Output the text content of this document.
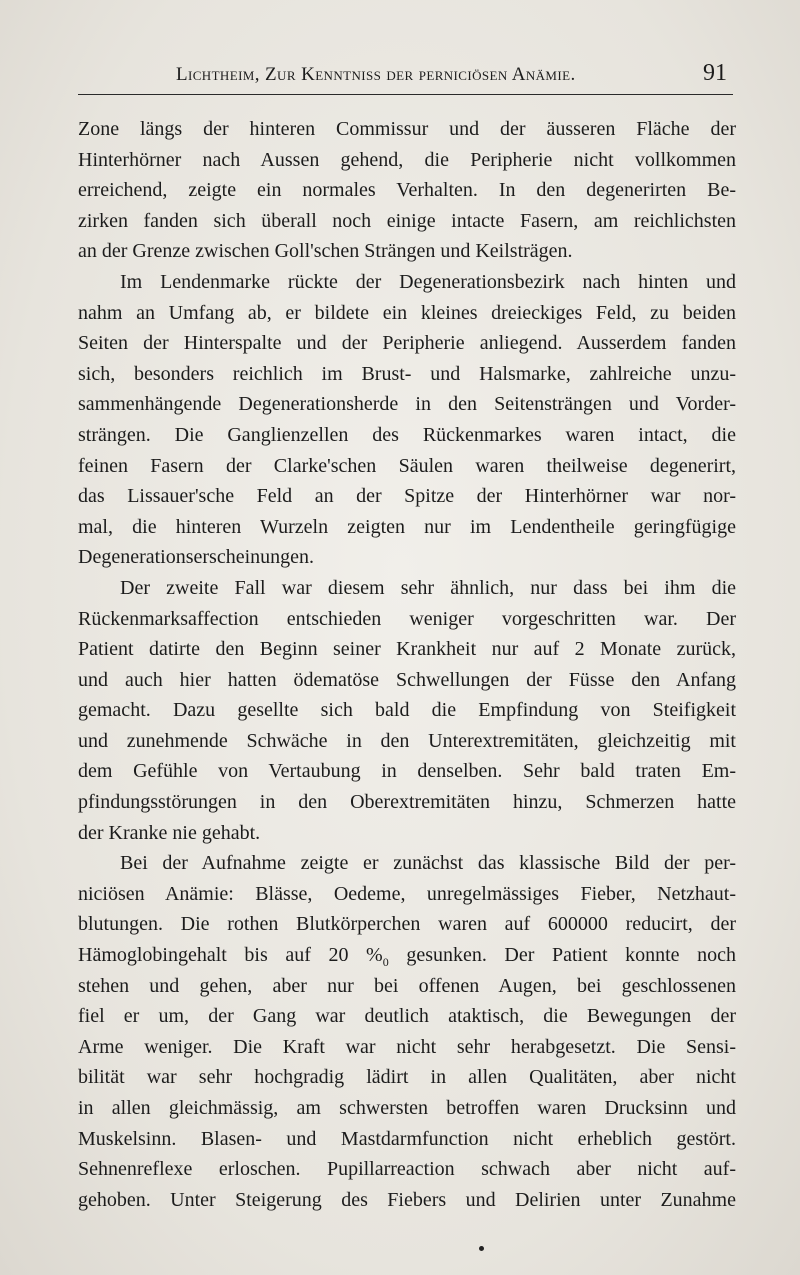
Lichtheim, Zur Kenntniss der perniciösen Anämie.	91
Zone längs der hinteren Commissur und der äusseren Fläche der
Hinterhörner nach Aussen gehend, die Peripherie nicht vollkommen
erreichend, zeigte ein normales Verhalten. In den degenerirten Be-
zirken fanden sich überall noch einige intacte Fasern, am reichlichsten
an der Grenze zwischen Goll'schen Strängen und Keilsträgen.
Im Lendenmarke rückte der Degenerationsbezirk nach hinten und
nahm an Umfang ab, er bildete ein kleines dreieckiges Feld, zu beiden
Seiten der Hinterspalte und der Peripherie anliegend. Ausserdem fanden
sich, besonders reichlich im Brust- und Halsmarke, zahlreiche unzu-
sammenhängende Degenerationsherde in den Seitensträngen und Vorder-
strängen. Die Ganglienzellen des Rückenmarkes waren intact, die
feinen Fasern der Clarke'schen Säulen waren theilweise degenerirt,
das Lissauer'sche Feld an der Spitze der Hinterhörner war nor-
mal, die hinteren Wurzeln zeigten nur im Lendentheile geringfügige
Degenerationserscheinungen.
Der zweite Fall war diesem sehr ähnlich, nur dass bei ihm die
Rückenmarksaffection entschieden weniger vorgeschritten war. Der
Patient datirte den Beginn seiner Krankheit nur auf 2 Monate zurück,
und auch hier hatten ödematöse Schwellungen der Füsse den Anfang
gemacht. Dazu gesellte sich bald die Empfindung von Steifigkeit
und zunehmende Schwäche in den Unterextremitäten, gleichzeitig mit
dem Gefühle von Vertaubung in denselben. Sehr bald traten Em-
pfindungsstörungen in den Oberextremitäten hinzu, Schmerzen hatte
der Kranke nie gehabt.
Bei der Aufnahme zeigte er zunächst das klassische Bild der per-
niciösen Anämie: Blässe, Oedeme, unregelmässiges Fieber, Netzhaut-
blutungen. Die rothen Blutkörperchen waren auf 600000 reducirt, der
Hämoglobingehalt bis auf 20 $\%_0$ gesunken. Der Patient konnte noch
stehen und gehen, aber nur bei offenen Augen, bei geschlossenen
fiel er um, der Gang war deutlich ataktisch, die Bewegungen der
Arme weniger. Die Kraft war nicht sehr herabgesetzt. Die Sensi-
bilität war sehr hochgradig lädirt in allen Qualitäten, aber nicht
in allen gleichmässig, am schwersten betroffen waren Drucksinn und
Muskelsinn. Blasen- und Mastdarmfunction nicht erheblich gestört.
Sehnenreflexe erloschen. Pupillarreaction schwach aber nicht auf-
gehoben. Unter Steigerung des Fiebers und Delirien unter Zunahme
